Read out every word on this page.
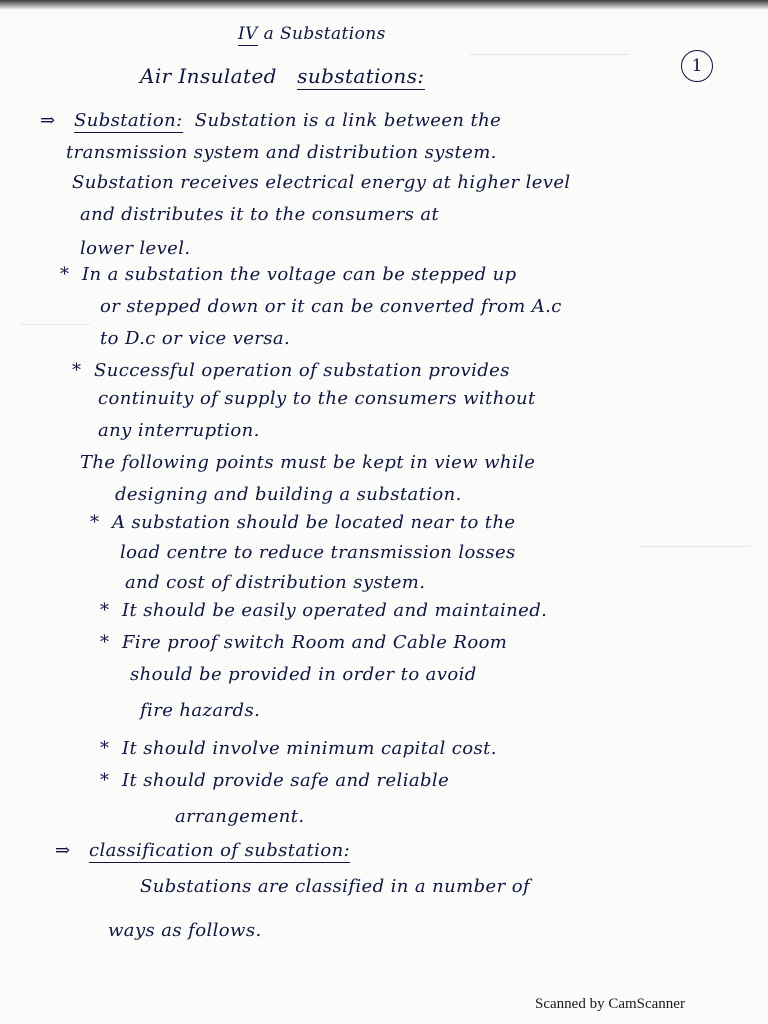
IV a Substations
1
Air Insulated substations:
⇒ Substation: Substation is a link between the
transmission system and distribution system.
Substation receives electrical energy at higher level
and distributes it to the consumers at
lower level.
* In a substation the voltage can be stepped up
or stepped down or it can be converted from A.c
to D.c or vice versa.
* Successful operation of substation provides
continuity of supply to the consumers without
any interruption.
The following points must be kept in view while
designing and building a substation.
* A substation should be located near to the
load centre to reduce transmission losses
and cost of distribution system.
* It should be easily operated and maintained.
* Fire proof switch Room and Cable Room
should be provided in order to avoid
fire hazards.
* It should involve minimum capital cost.
* It should provide safe and reliable
arrangement.
⇒ classification of substation:
Substations are classified in a number of
ways as follows.
Scanned by CamScanner
